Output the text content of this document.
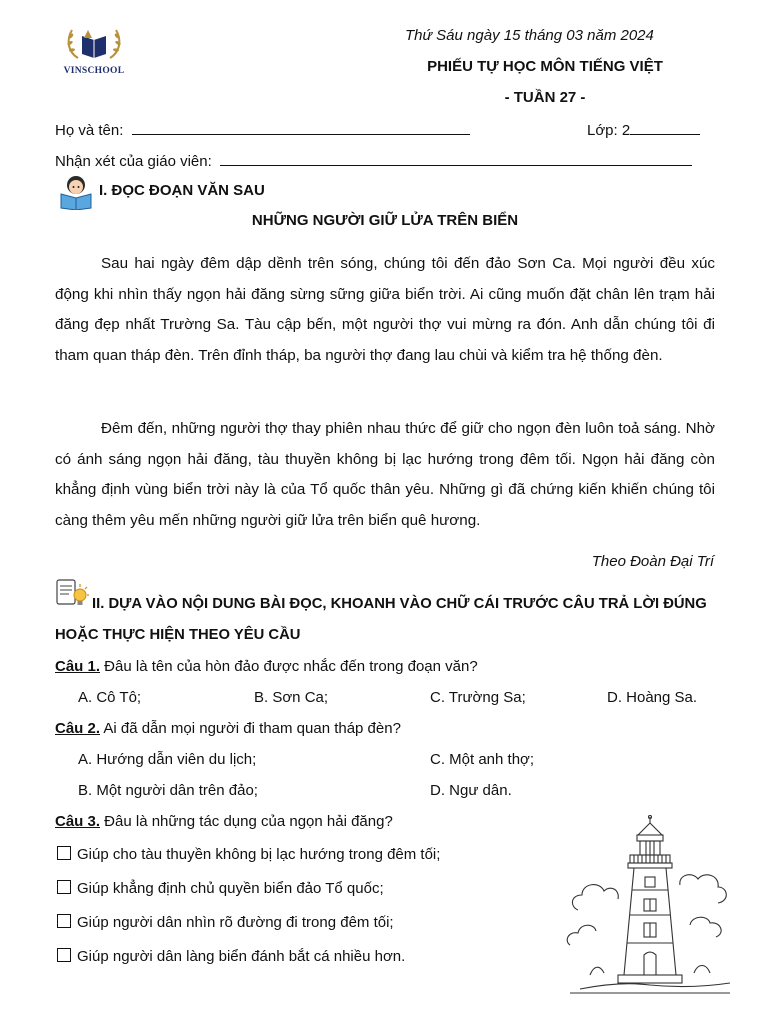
VINSCHOOL
Thứ Sáu ngày 15 tháng 03 năm 2024
PHIẾU TỰ HỌC MÔN TIẾNG VIỆT
- TUẦN 27 -
Họ và tên:	Lớp: 2
Nhận xét của giáo viên:
I. ĐỌC ĐOẠN VĂN SAU
NHỮNG NGƯỜI GIỮ LỬA TRÊN BIỂN
Sau hai ngày đêm dập dềnh trên sóng, chúng tôi đến đảo Sơn Ca. Mọi người đều xúc động khi nhìn thấy ngọn hải đăng sừng sững giữa biển trời. Ai cũng muốn đặt chân lên trạm hải đăng đẹp nhất Trường Sa. Tàu cập bến, một người thợ vui mừng ra đón. Anh dẫn chúng tôi đi tham quan tháp đèn. Trên đỉnh tháp, ba người thợ đang lau chùi và kiểm tra hệ thống đèn.
Đêm đến, những người thợ thay phiên nhau thức để giữ cho ngọn đèn luôn toả sáng. Nhờ có ánh sáng ngọn hải đăng, tàu thuyền không bị lạc hướng trong đêm tối. Ngọn hải đăng còn khẳng định vùng biển trời này là của Tổ quốc thân yêu. Những gì đã chứng kiến khiến chúng tôi càng thêm yêu mến những người giữ lửa trên biển quê hương.
Theo Đoàn Đại Trí
II. DỰA VÀO NỘI DUNG BÀI ĐỌC, KHOANH VÀO CHỮ CÁI TRƯỚC CÂU TRẢ LỜI ĐÚNG
HOẶC THỰC HIỆN THEO YÊU CẦU
Câu 1. Đâu là tên của hòn đảo được nhắc đến trong đoạn văn?
A. Cô Tô;	B. Sơn Ca;	C. Trường Sa;	D. Hoàng Sa.
Câu 2. Ai đã dẫn mọi người đi tham quan tháp đèn?
A. Hướng dẫn viên du lịch;	C. Một anh thợ;
B. Một người dân trên đảo;	D. Ngư dân.
Câu 3. Đâu là những tác dụng của ngọn hải đăng?
Giúp cho tàu thuyền không bị lạc hướng trong đêm tối;
Giúp khẳng định chủ quyền biển đảo Tổ quốc;
Giúp người dân nhìn rõ đường đi trong đêm tối;
Giúp người dân làng biển đánh bắt cá nhiều hơn.
